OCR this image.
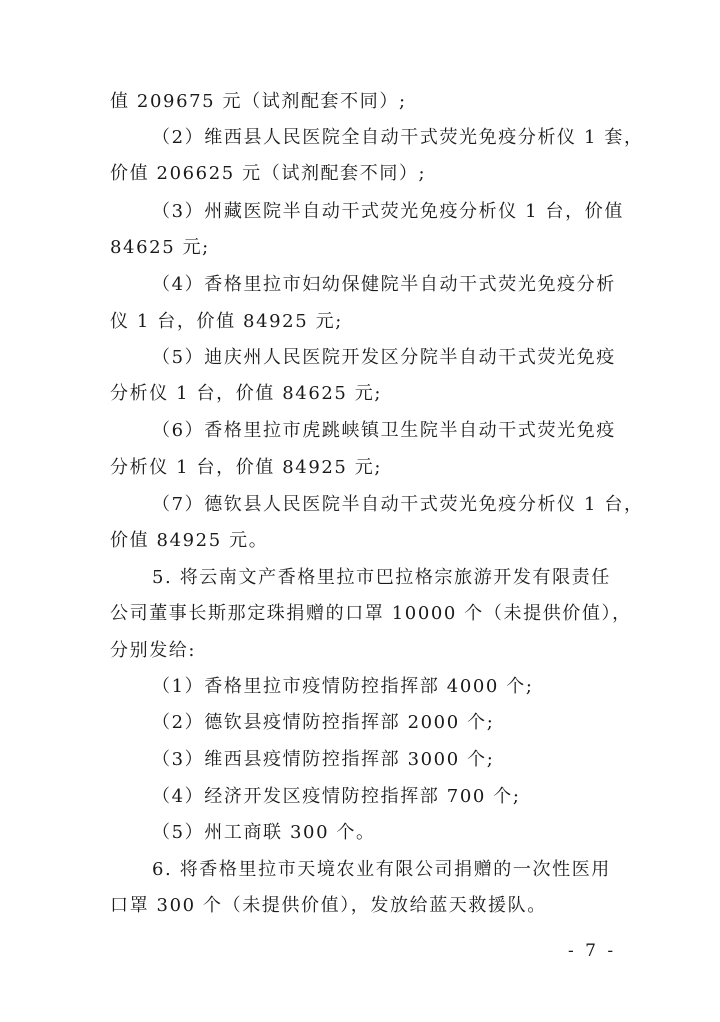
值 209675 元（试剂配套不同）;
（2）维西县人民医院全自动干式荧光免疫分析仪 1 套，
价值 206625 元（试剂配套不同）;
（3）州藏医院半自动干式荧光免疫分析仪 1 台，价值
84625 元;
（4）香格里拉市妇幼保健院半自动干式荧光免疫分析
仪 1 台，价值 84925 元;
（5）迪庆州人民医院开发区分院半自动干式荧光免疫
分析仪 1 台，价值 84625 元;
（6）香格里拉市虎跳峡镇卫生院半自动干式荧光免疫
分析仪 1 台，价值 84925 元;
（7）德钦县人民医院半自动干式荧光免疫分析仪 1 台，
价值 84925 元。
5. 将云南文产香格里拉市巴拉格宗旅游开发有限责任
公司董事长斯那定珠捐赠的口罩 10000 个（未提供价值），
分别发给:
（1）香格里拉市疫情防控指挥部 4000 个;
（2）德钦县疫情防控指挥部 2000 个;
（3）维西县疫情防控指挥部 3000 个;
（4）经济开发区疫情防控指挥部 700 个;
（5）州工商联 300 个。
6. 将香格里拉市天境农业有限公司捐赠的一次性医用
口罩 300 个（未提供价值），发放给蓝天救援队。
- 7 -
